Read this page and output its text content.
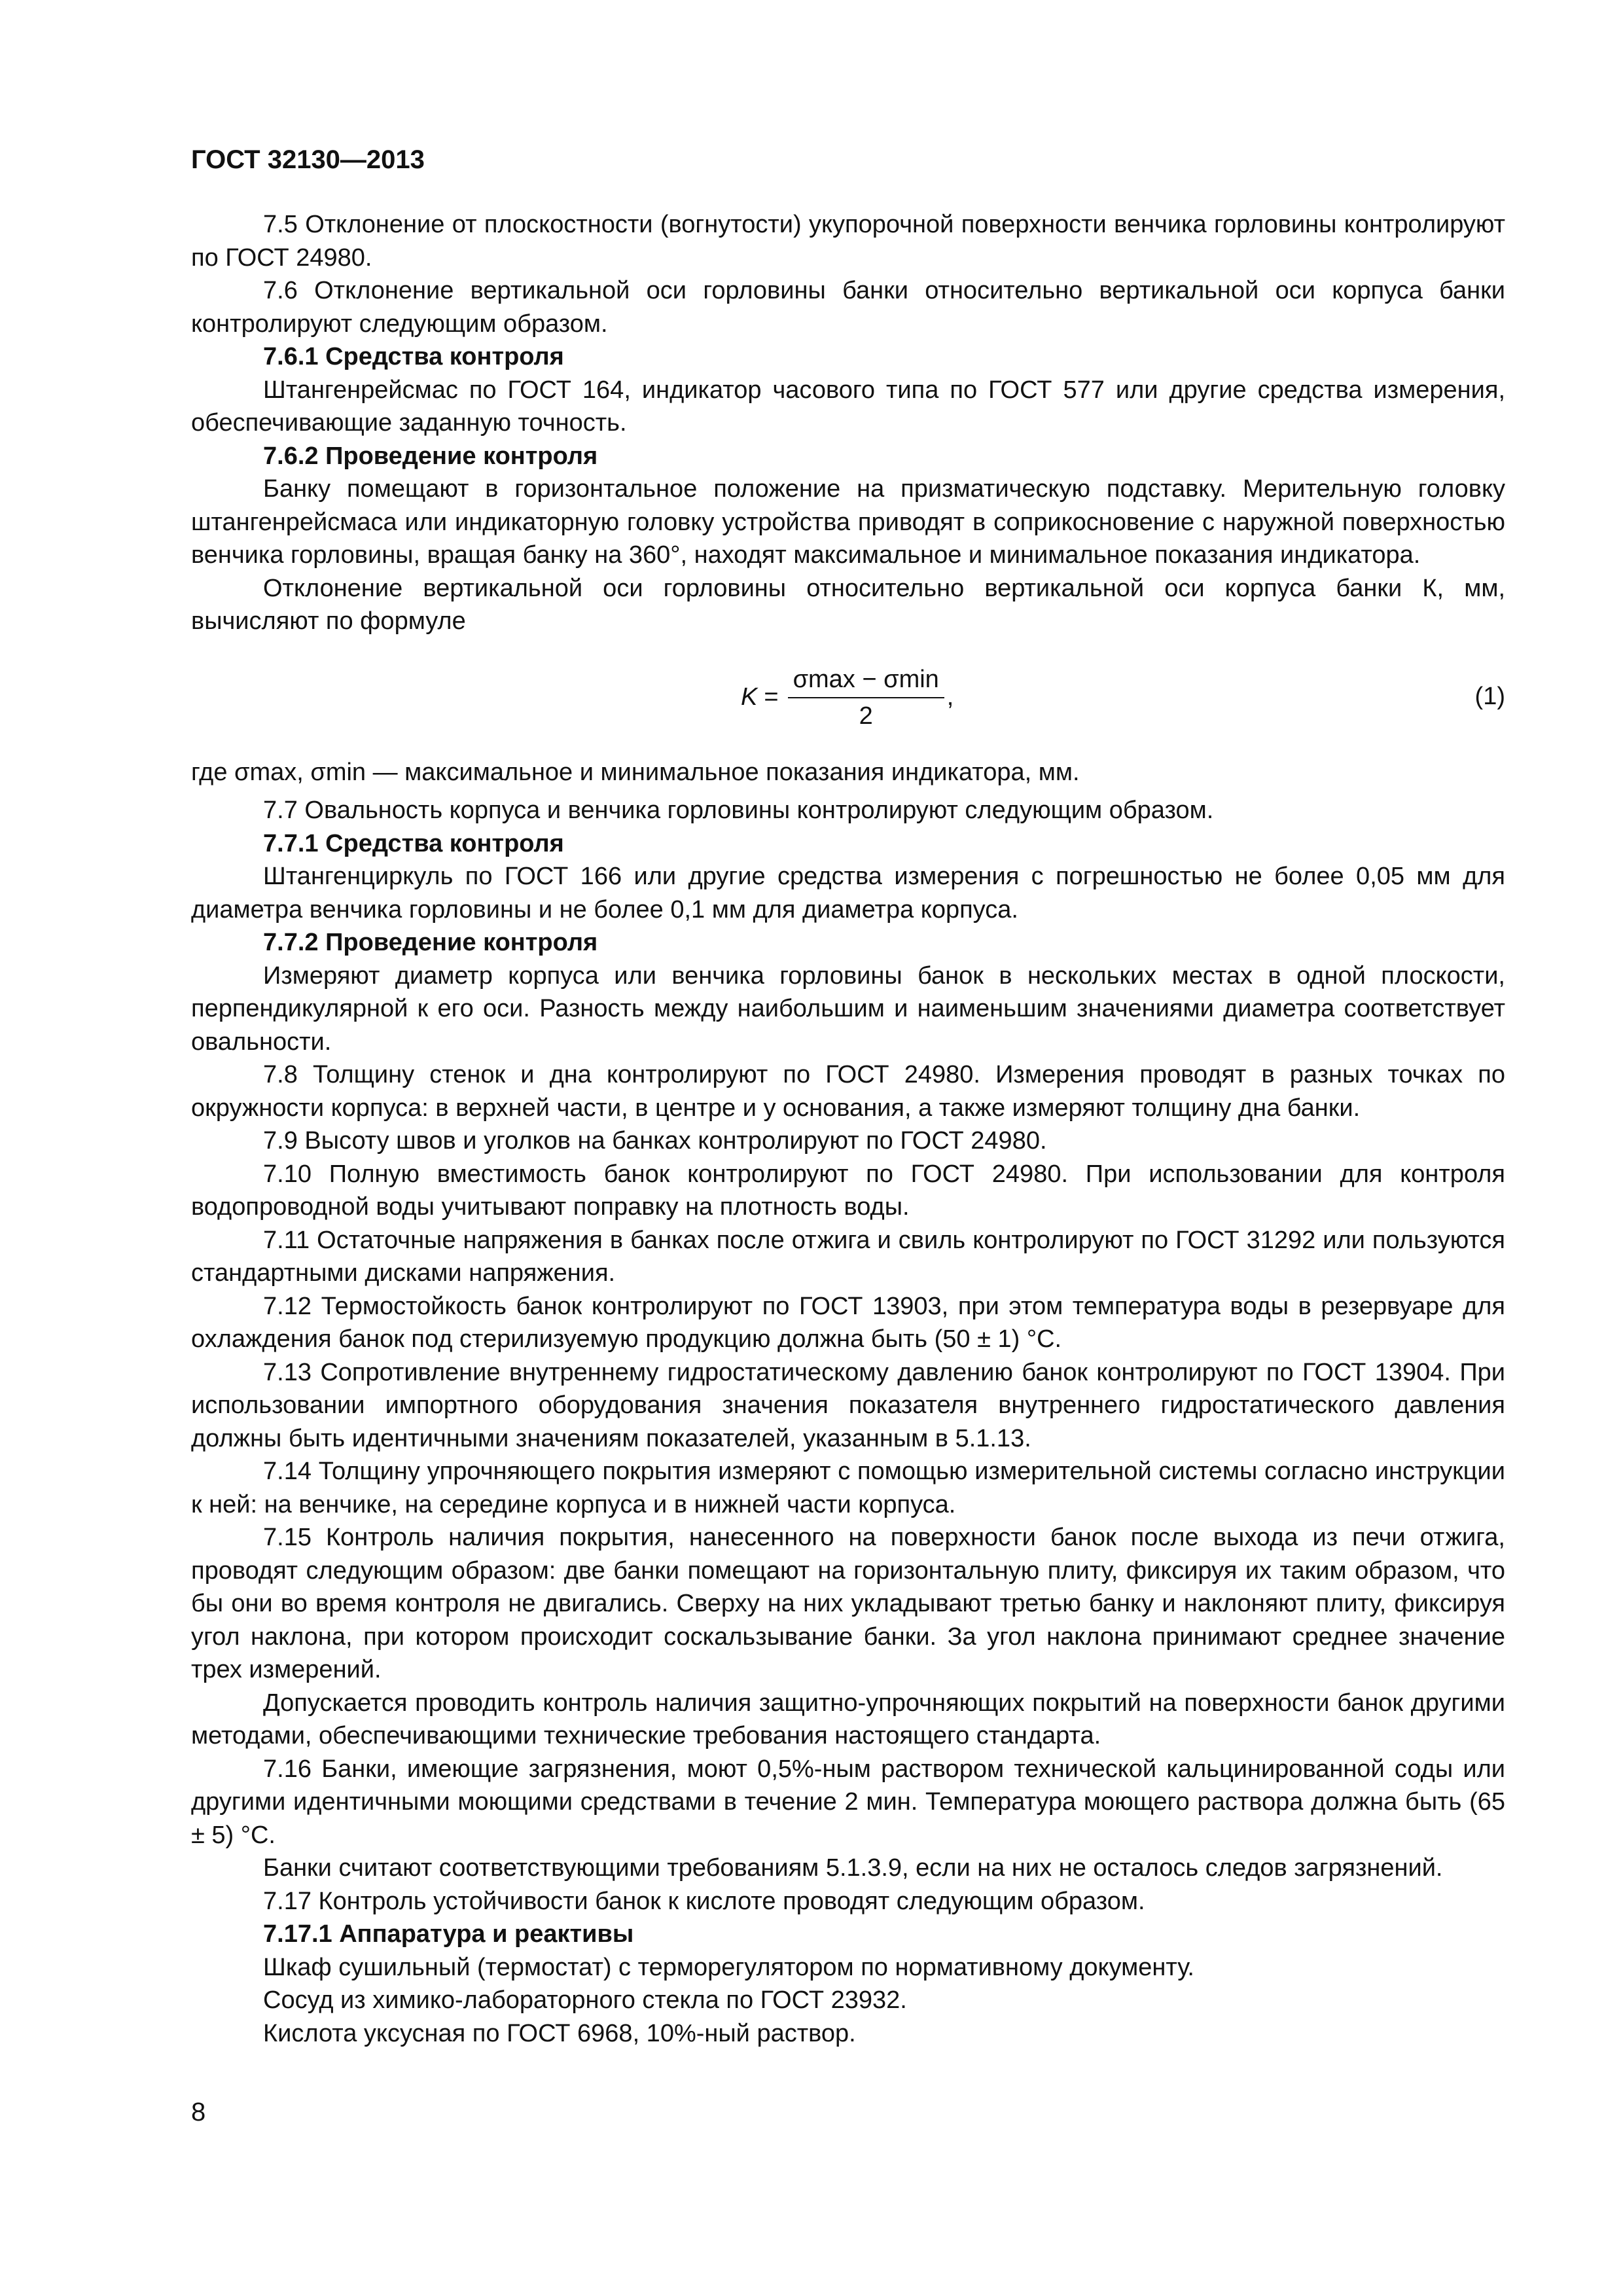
ГОСТ 32130—2013

7.5 Отклонение от плоскостности (вогнутости) укупорочной поверхности венчика горловины контролируют по ГОСТ 24980.

7.6 Отклонение вертикальной оси горловины банки относительно вертикальной оси корпуса банки контролируют следующим образом.

7.6.1 Средства контроля

Штангенрейсмас по ГОСТ 164, индикатор часового типа по ГОСТ 577 или другие средства измерения, обеспечивающие заданную точность.

7.6.2 Проведение контроля

Банку помещают в горизонтальное положение на призматическую подставку. Мерительную головку штангенрейсмаса или индикаторную головку устройства приводят в соприкосновение с наружной поверхностью венчика горловины, вращая банку на 360°, находят максимальное и минимальное показания индикатора.

Отклонение вертикальной оси горловины относительно вертикальной оси корпуса банки К, мм, вычисляют по формуле

$K = \frac{\sigma\max - \sigma\min}{2}$ ,	(1)

где σmax, σmin — максимальное и минимальное показания индикатора, мм.

7.7 Овальность корпуса и венчика горловины контролируют следующим образом.

7.7.1 Средства контроля

Штангенциркуль по ГОСТ 166 или другие средства измерения с погрешностью не более 0,05 мм для диаметра венчика горловины и не более 0,1 мм для диаметра корпуса.

7.7.2 Проведение контроля

Измеряют диаметр корпуса или венчика горловины банок в нескольких местах в одной плоскости, перпендикулярной к его оси. Разность между наибольшим и наименьшим значениями диаметра соответствует овальности.

7.8 Толщину стенок и дна контролируют по ГОСТ 24980. Измерения проводят в разных точках по окружности корпуса: в верхней части, в центре и у основания, а также измеряют толщину дна банки.

7.9 Высоту швов и уголков на банках контролируют по ГОСТ 24980.

7.10 Полную вместимость банок контролируют по ГОСТ 24980. При использовании для контроля водопроводной воды учитывают поправку на плотность воды.

7.11 Остаточные напряжения в банках после отжига и свиль контролируют по ГОСТ 31292 или пользуются стандартными дисками напряжения.

7.12 Термостойкость банок контролируют по ГОСТ 13903, при этом температура воды в резервуаре для охлаждения банок под стерилизуемую продукцию должна быть (50 ± 1) °С.

7.13 Сопротивление внутреннему гидростатическому давлению банок контролируют по ГОСТ 13904. При использовании импортного оборудования значения показателя внутреннего гидростатического давления должны быть идентичными значениям показателей, указанным в 5.1.13.

7.14 Толщину упрочняющего покрытия измеряют с помощью измерительной системы согласно инструкции к ней: на венчике, на середине корпуса и в нижней части корпуса.

7.15 Контроль наличия покрытия, нанесенного на поверхности банок после выхода из печи отжига, проводят следующим образом: две банки помещают на горизонтальную плиту, фиксируя их таким образом, что бы они во время контроля не двигались. Сверху на них укладывают третью банку и наклоняют плиту, фиксируя угол наклона, при котором происходит соскальзывание банки. За угол наклона принимают среднее значение трех измерений.

Допускается проводить контроль наличия защитно-упрочняющих покрытий на поверхности банок другими методами, обеспечивающими технические требования настоящего стандарта.

7.16 Банки, имеющие загрязнения, моют 0,5%-ным раствором технической кальцинированной соды или другими идентичными моющими средствами в течение 2 мин. Температура моющего раствора должна быть (65 ± 5) °С.

Банки считают соответствующими требованиям 5.1.3.9, если на них не осталось следов загрязнений.

7.17 Контроль устойчивости банок к кислоте проводят следующим образом.

7.17.1 Аппаратура и реактивы

Шкаф сушильный (термостат) с терморегулятором по нормативному документу.

Сосуд из химико-лабораторного стекла по ГОСТ 23932.

Кислота уксусная по ГОСТ 6968, 10%-ный раствор.

8
